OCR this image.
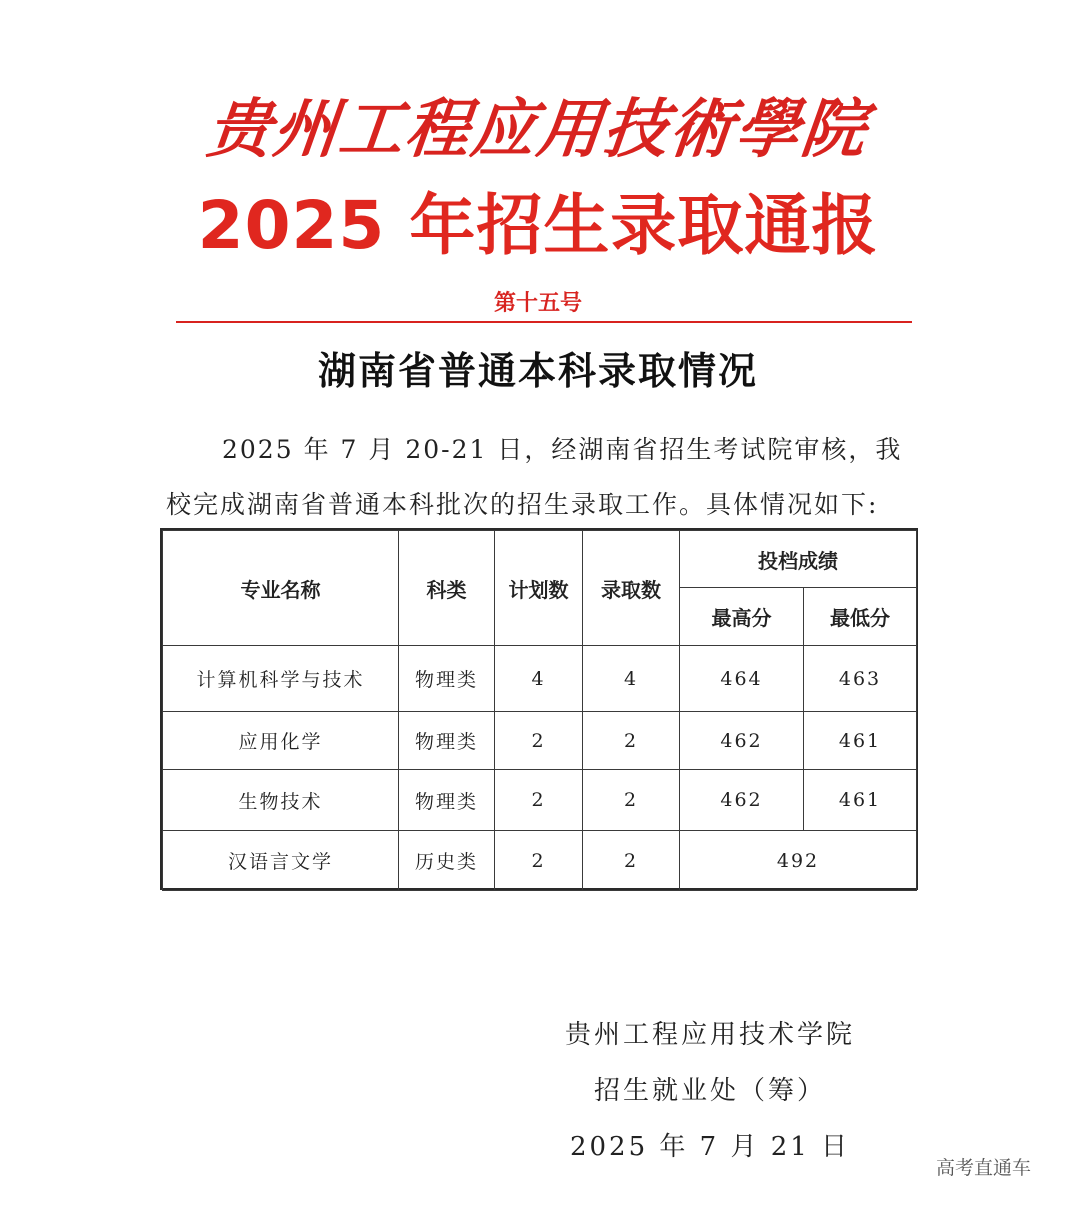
贵州工程应用技術學院
2025 年招生录取通报
第十五号
湖南省普通本科录取情况
2025 年 7 月 20-21 日，经湖南省招生考试院审核，我校完成湖南省普通本科批次的招生录取工作。具体情况如下:
专业名称	科类	计划数	录取数	投档成绩	
				最高分	最低分
计算机科学与技术	物理类	4	4	464	463
应用化学	物理类	2	2	462	461
生物技术	物理类	2	2	462	461
汉语言文学	历史类	2	2	492	
贵州工程应用技术学院
招生就业处（筹）
2025 年 7 月 21 日
高考直通车
